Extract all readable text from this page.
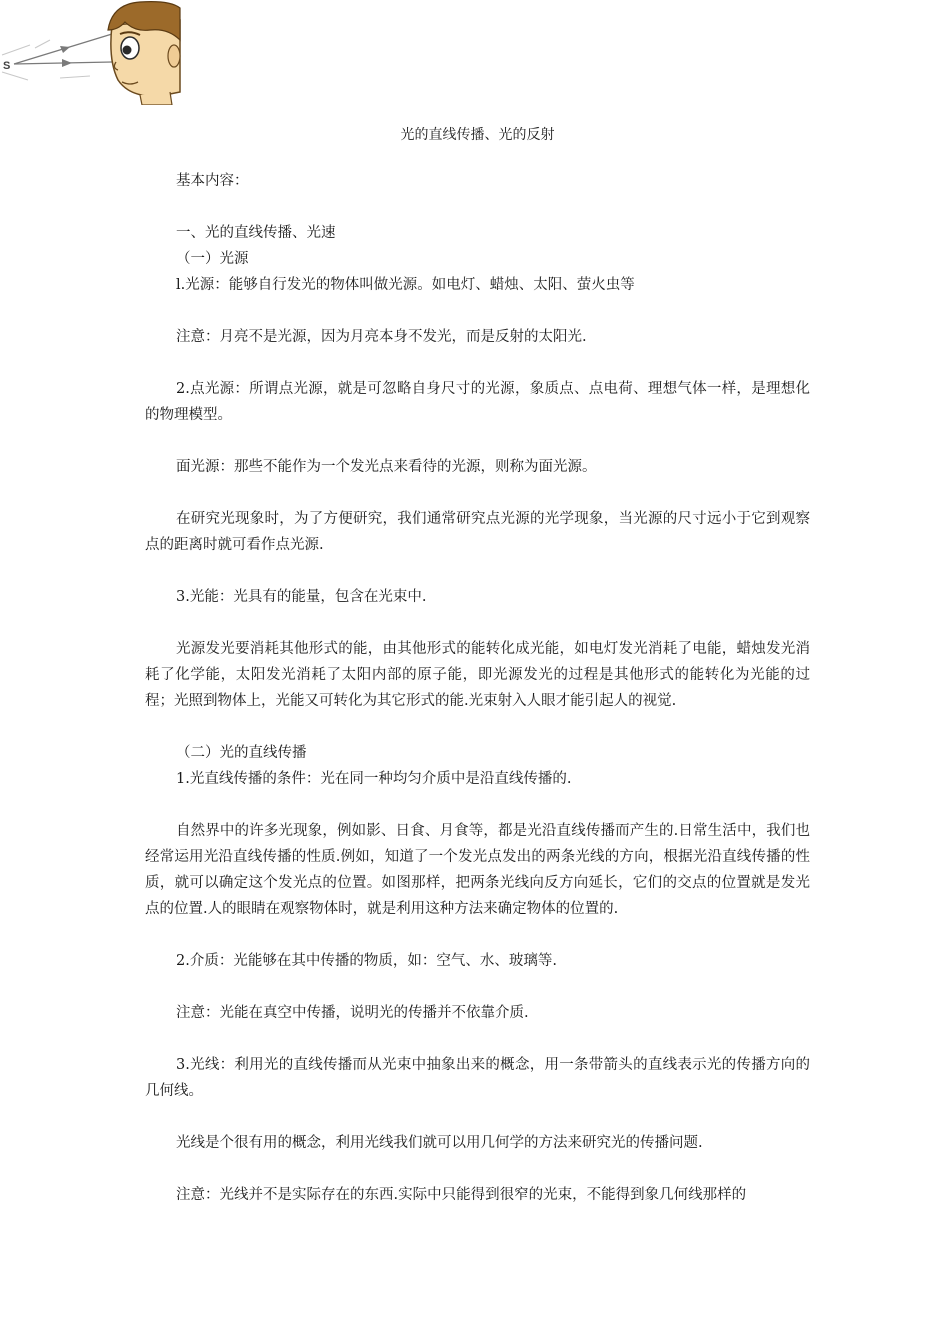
S
光的直线传播、光的反射

基本内容：

一、光的直线传播、光速

（一）光源

l.光源：能够自行发光的物体叫做光源。如电灯、蜡烛、太阳、萤火虫等

注意：月亮不是光源，因为月亮本身不发光，而是反射的太阳光.

2.点光源：所谓点光源，就是可忽略自身尺寸的光源，象质点、点电荷、理想气体一样，是理想化的物理模型。

面光源：那些不能作为一个发光点来看待的光源，则称为面光源。

在研究光现象时，为了方便研究，我们通常研究点光源的光学现象，当光源的尺寸远小于它到观察点的距离时就可看作点光源.

3.光能：光具有的能量，包含在光束中.

光源发光要消耗其他形式的能，由其他形式的能转化成光能，如电灯发光消耗了电能，蜡烛发光消耗了化学能，太阳发光消耗了太阳内部的原子能，即光源发光的过程是其他形式的能转化为光能的过程；光照到物体上，光能又可转化为其它形式的能.光束射入人眼才能引起人的视觉.

（二）光的直线传播

1.光直线传播的条件：光在同一种均匀介质中是沿直线传播的.

自然界中的许多光现象，例如影、日食、月食等，都是光沿直线传播而产生的.日常生活中，我们也经常运用光沿直线传播的性质.例如，知道了一个发光点发出的两条光线的方向，根据光沿直线传播的性质，就可以确定这个发光点的位置。如图那样，把两条光线向反方向延长，它们的交点的位置就是发光点的位置.人的眼睛在观察物体时，就是利用这种方法来确定物体的位置的.

2.介质：光能够在其中传播的物质，如：空气、水、玻璃等.

注意：光能在真空中传播，说明光的传播并不依靠介质.

3.光线：利用光的直线传播而从光束中抽象出来的概念，用一条带箭头的直线表示光的传播方向的几何线。

光线是个很有用的概念，利用光线我们就可以用几何学的方法来研究光的传播问题.

注意：光线并不是实际存在的东西.实际中只能得到很窄的光束，不能得到象几何线那样的
